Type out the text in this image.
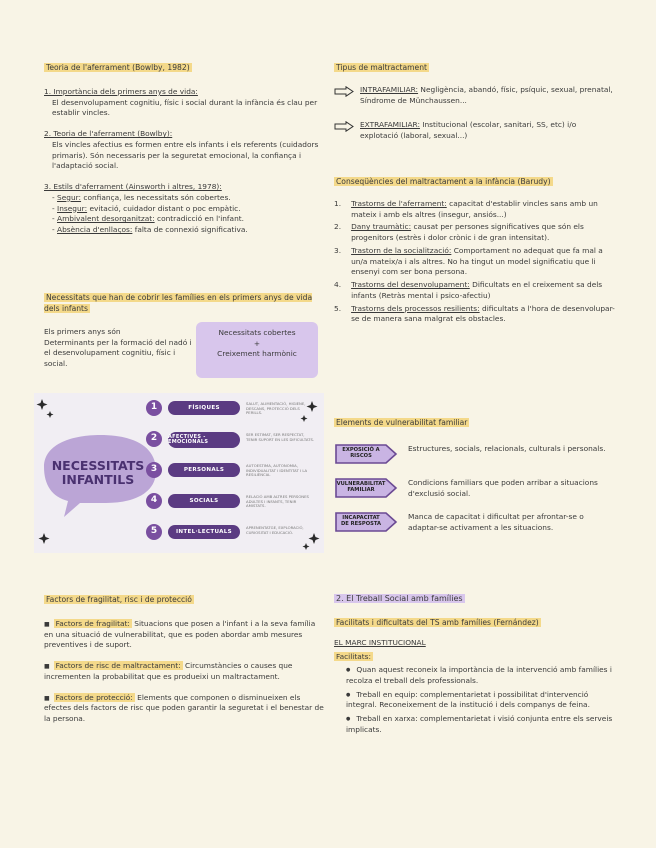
Teoria de l'aferrament (Bowlby, 1982)
1. Importància dels primers anys de vida:
El desenvolupament cognitiu, físic i social durant la infància és clau per establir vincles.
2. Teoria de l'aferrament (Bowlby):
Els vincles afectius es formen entre els infants i els referents (cuidadors primaris). Són necessaris per la seguretat emocional, la confiança i l'adaptació social.
3. Estils d'aferrament (Ainsworth i altres, 1978):
- Segur: confiança, les necessitats són cobertes.
- Insegur: evitació, cuidador distant o poc empàtic.
- Ambivalent desorganitzat: contradicció en l'infant.
- Absència d'enllaços: falta de connexió significativa.
Necessitats que han de cobrir les famílies en els primers anys de vida dels infants
Els primers anys són
Determinants per la formació del nadó i el desenvolupament cognitiu, físic i social.
Necessitats cobertes
+
Creixement harmònic
NECESSITATS INFANTILS
1	FÍSIQUES
SALUT, ALIMENTACIÓ, HIGIENE, DESCANS, PROTECCIÓ DELS PERILLS.
2	AFECTIVES - EMOCIONALS
SER ESTIMAT, SER RESPECTAT, TENIR SUPORT EN LES DIFICULTATS.
3	PERSONALS
AUTOESTIMA, AUTONOMIA, INDIVIDUALITAT I IDENTITAT I LA RESILIÈNCIA.
4	SOCIALS
RELACIÓ AMB ALTRES PERSONES ADULTES I INFANTS, TENIR AMISTATS.
5	INTEL·LECTUALS
APRENENTATGE, EXPLORACIÓ, CURIOSITAT I EDUCACIÓ.
Factors de fragilitat, risc i de protecció
■ Factors de fragilitat: Situacions que posen a l'infant i a la seva família en una situació de vulnerabilitat, que es poden abordar amb mesures preventives i de suport.
■ Factors de risc de maltractament: Circumstàncies o causes que incrementen la probabilitat que es produeixi un maltractament.
■ Factors de protecció: Elements que componen o disminueixen els efectes dels factors de risc que poden garantir la seguretat i el benestar de la persona.
Tipus de maltractament
INTRAFAMILIAR: Negligència, abandó, físic, psíquic, sexual, prenatal, Síndrome de Münchaussen...
EXTRAFAMILIAR: Institucional (escolar, sanitari, SS, etc) i/o explotació (laboral, sexual...)
Conseqüències del maltractament a la infància (Barudy)
1. Trastorns de l'aferrament: capacitat d'establir vincles sans amb un mateix i amb els altres (insegur, ansiós...)
2. Dany traumàtic: causat per persones significatives que són els progenitors (estrès i dolor crònic i de gran intensitat).
3. Trastorn de la socialització: Comportament no adequat que fa mal a un/a mateix/a i als altres. No ha tingut un model significatiu que li ensenyi com ser bona persona.
4. Trastorns del desenvolupament: Dificultats en el creixement sa dels infants (Retràs mental i psico-afectiu)
5. Trastorns dels processos resilients: dificultats a l'hora de desenvolupar-se de manera sana malgrat els obstacles.
Elements de vulnerabilitat familiar
EXPOSICIÓ A RISCOS
Estructures, socials, relacionals, culturals i personals.
VULNERABILITAT FAMILIAR
Condicions familiars que poden arribar a situacions d'exclusió social.
INCAPACITAT DE RESPOSTA
Manca de capacitat i dificultat per afrontar-se o adaptar-se activament a les situacions.
2. El Treball Social amb famílies
Facilitats i dificultats del TS amb famílies (Fernández)
EL MARC INSTITUCIONAL
Facilitats:
● Quan aquest reconeix la importància de la intervenció amb famílies i recolza el treball dels professionals.
● Treball en equip: complementarietat i possibilitat d'intervenció integral. Reconeixement de la institució i dels companys de feina.
● Treball en xarxa: complementarietat i visió conjunta entre els serveis implicats.
